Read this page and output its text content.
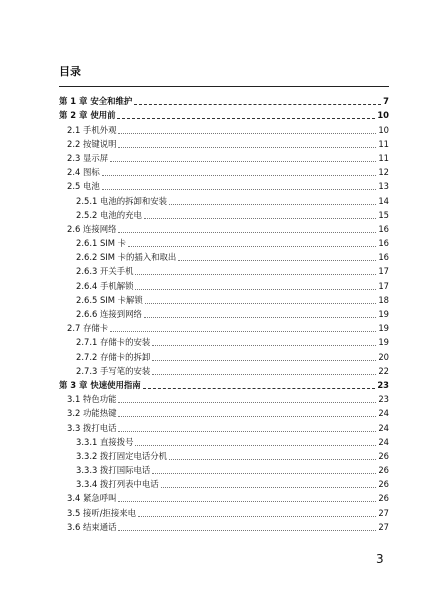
目录
第 1 章 安全和维护	7
第 2 章 使用前	10
2.1 手机外观	10
2.2 按键说明	11
2.3 显示屏	11
2.4 图标	12
2.5 电池	13
2.5.1 电池的拆卸和安装	14
2.5.2 电池的充电	15
2.6 连接网络	16
2.6.1 SIM 卡	16
2.6.2 SIM 卡的插入和取出	16
2.6.3 开关手机	17
2.6.4 手机解锁	17
2.6.5 SIM 卡解锁	18
2.6.6 连接到网络	19
2.7 存储卡	19
2.7.1 存储卡的安装	19
2.7.2 存储卡的拆卸	20
2.7.3 手写笔的安装	22
第 3 章 快速使用指南	23
3.1 特色功能	23
3.2 功能热键	24
3.3 拨打电话	24
3.3.1 直接拨号	24
3.3.2 拨打固定电话分机	26
3.3.3 拨打国际电话	26
3.3.4 拨打列表中电话	26
3.4 紧急呼叫	26
3.5 接听/拒接来电	27
3.6 结束通话	27
3
